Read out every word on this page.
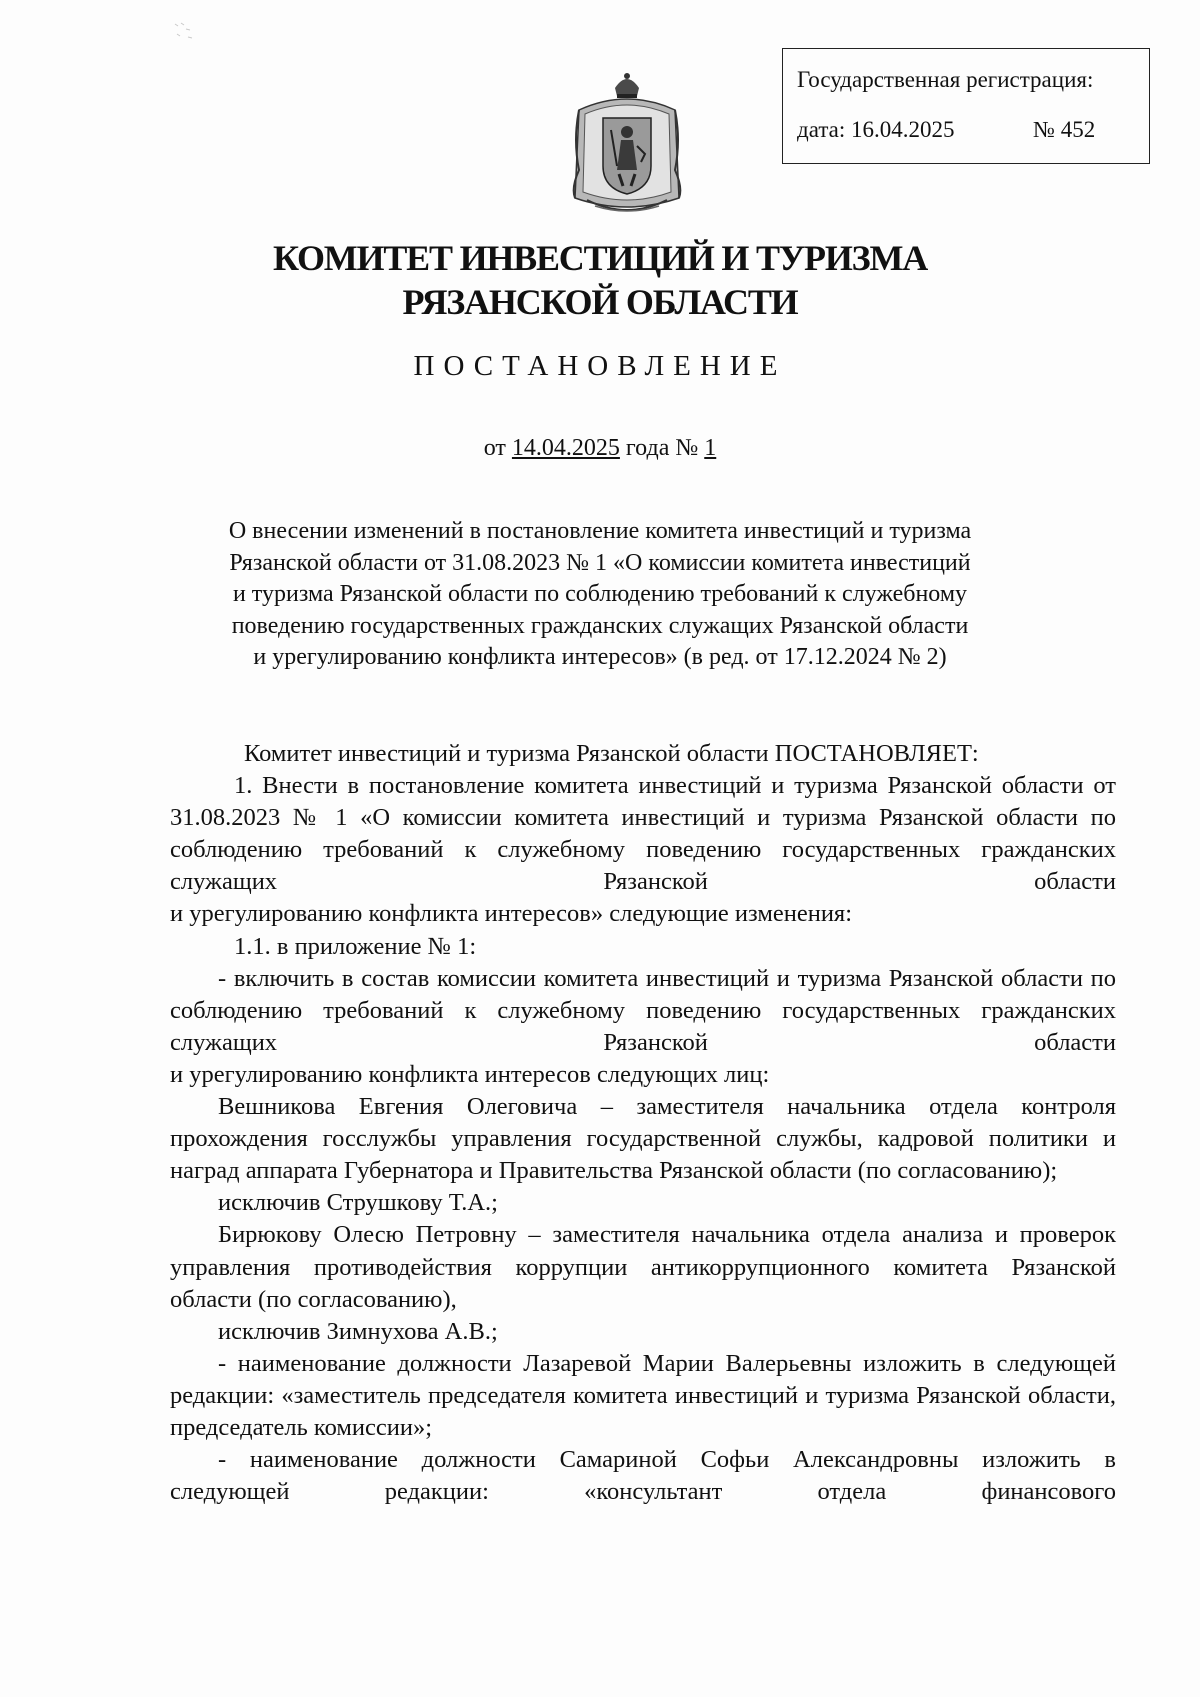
Государственная регистрация:
дата: 16.04.2025	№ 452
КОМИТЕТ ИНВЕСТИЦИЙ И ТУРИЗМА
РЯЗАНСКОЙ ОБЛАСТИ
ПОСТАНОВЛЕНИЕ
от 14.04.2025 года № 1
О внесении изменений в постановление комитета инвестиций и туризма
Рязанской области от 31.08.2023 № 1 «О комиссии комитета инвестиций
и туризма Рязанской области по соблюдению требований к служебному
поведению государственных гражданских служащих Рязанской области
и урегулированию конфликта интересов» (в ред. от 17.12.2024 № 2)

Комитет инвестиций и туризма Рязанской области ПОСТАНОВЛЯЕТ:

1. Внести в постановление комитета инвестиций и туризма Рязанской области от 31.08.2023 № 1 «О комиссии комитета инвестиций и туризма Рязанской области по соблюдению требований к служебному поведению государственных гражданских служащих Рязанской области

и урегулированию конфликта интересов» следующие изменения:

1.1. в приложение № 1:

- включить в состав комиссии комитета инвестиций и туризма Рязанской области по соблюдению требований к служебному поведению государственных гражданских служащих Рязанской области

и урегулированию конфликта интересов следующих лиц:

Вешникова Евгения Олеговича – заместителя начальника отдела контроля прохождения госслужбы управления государственной службы, кадровой политики и наград аппарата Губернатора и Правительства Рязанской области (по согласованию);

исключив Струшкову Т.А.;

Бирюкову Олесю Петровну – заместителя начальника отдела анализа и проверок управления противодействия коррупции антикоррупционного комитета Рязанской области (по согласованию),

исключив Зимнухова А.В.;

- наименование должности Лазаревой Марии Валерьевны изложить в следующей редакции: «заместитель председателя комитета инвестиций и туризма Рязанской области, председатель комиссии»;

- наименование должности Самариной Софьи Александровны изложить в следующей редакции: «консультант отдела финансового
